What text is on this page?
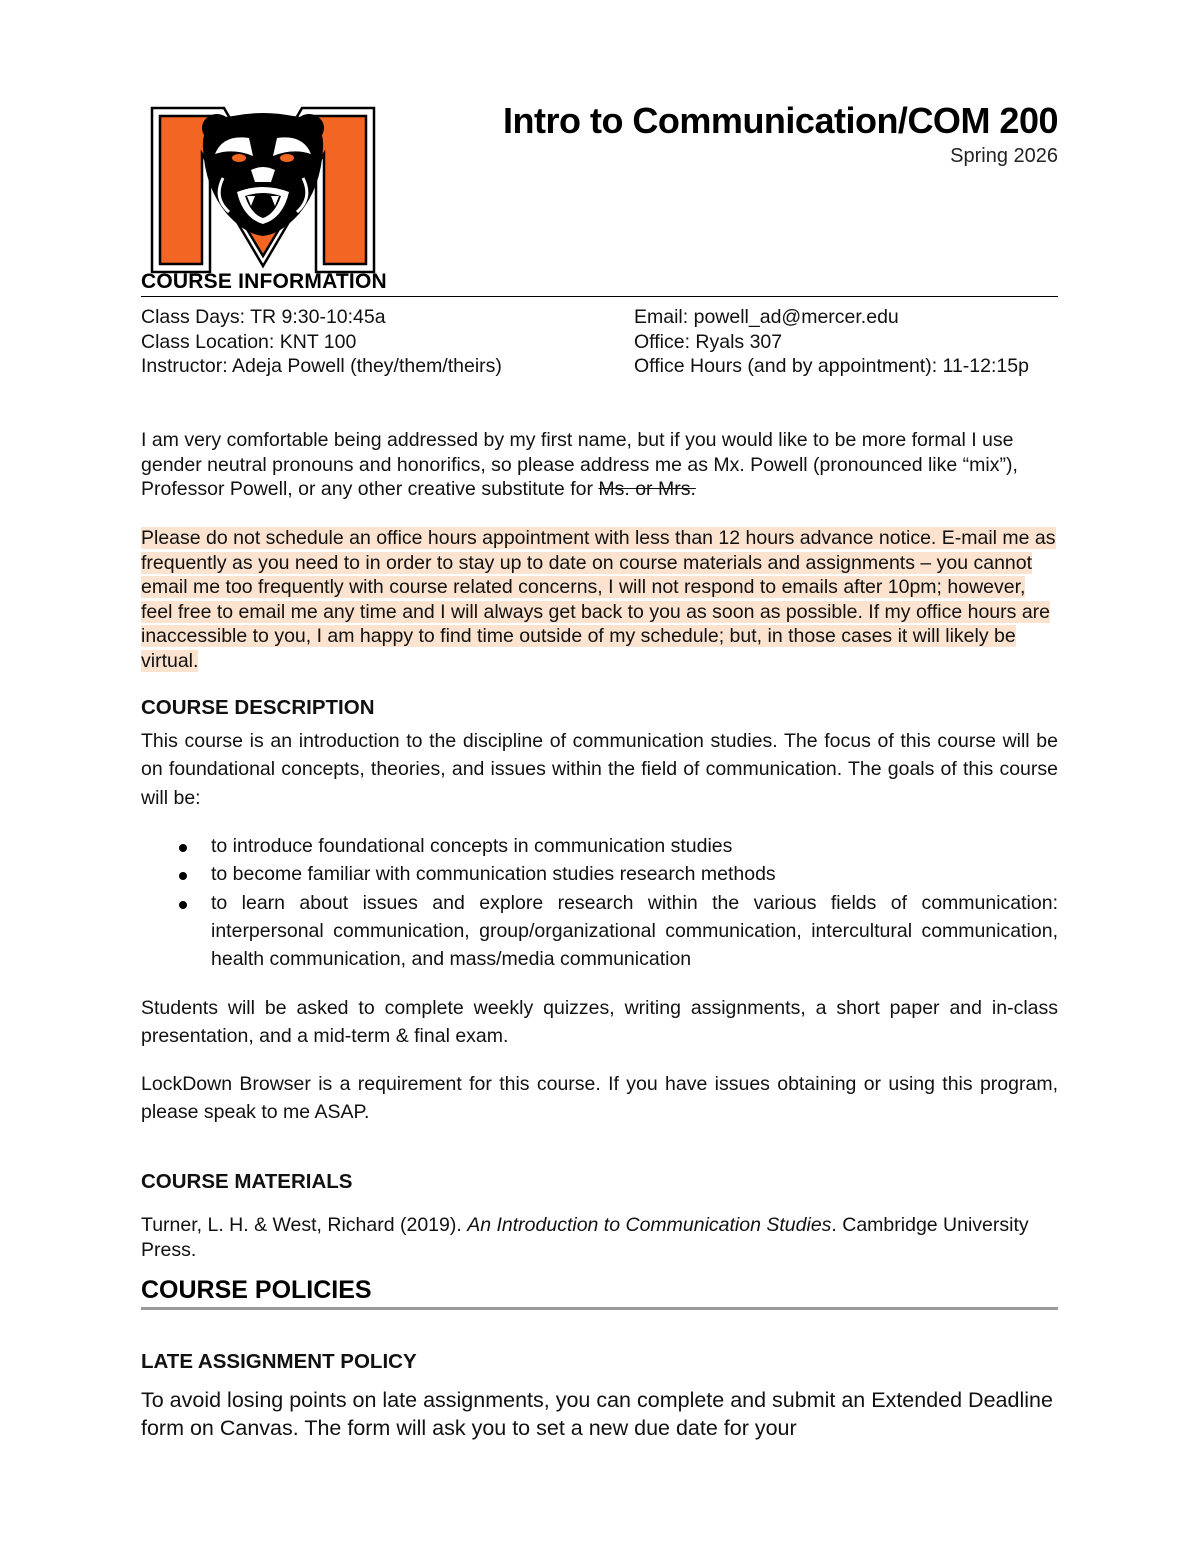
Intro to Communication/COM 200
Spring 2026
COURSE INFORMATION
Class Days: TR 9:30-10:45a
Class Location: KNT 100
Instructor: Adeja Powell (they/them/theirs)
Email: powell_ad@mercer.edu
Office: Ryals 307
Office Hours (and by appointment): 11-12:15p
I am very comfortable being addressed by my first name, but if you would like to be more formal I use gender neutral pronouns and honorifics, so please address me as Mx. Powell (pronounced like “mix”), Professor Powell, or any other creative substitute for Ms. or Mrs.
Please do not schedule an office hours appointment with less than 12 hours advance notice. E-mail me as frequently as you need to in order to stay up to date on course materials and assignments – you cannot email me too frequently with course related concerns, I will not respond to emails after 10pm; however, feel free to email me any time and I will always get back to you as soon as possible. If my office hours are inaccessible to you, I am happy to find time outside of my schedule; but, in those cases it will likely be virtual.
COURSE DESCRIPTION
This course is an introduction to the discipline of communication studies. The focus of this course will be on foundational concepts, theories, and issues within the field of communication. The goals of this course will be:
to introduce foundational concepts in communication studies
to become familiar with communication studies research methods
to learn about issues and explore research within the various fields of communication: interpersonal communication, group/organizational communication, intercultural communication, health communication, and mass/media communication
Students will be asked to complete weekly quizzes, writing assignments, a short paper and in-class presentation, and a mid-term & final exam.
LockDown Browser is a requirement for this course. If you have issues obtaining or using this program, please speak to me ASAP.
COURSE MATERIALS
Turner, L. H. & West, Richard (2019). An Introduction to Communication Studies. Cambridge University Press.
COURSE POLICIES
LATE ASSIGNMENT POLICY
To avoid losing points on late assignments, you can complete and submit an Extended Deadline form on Canvas. The form will ask you to set a new due date for your
